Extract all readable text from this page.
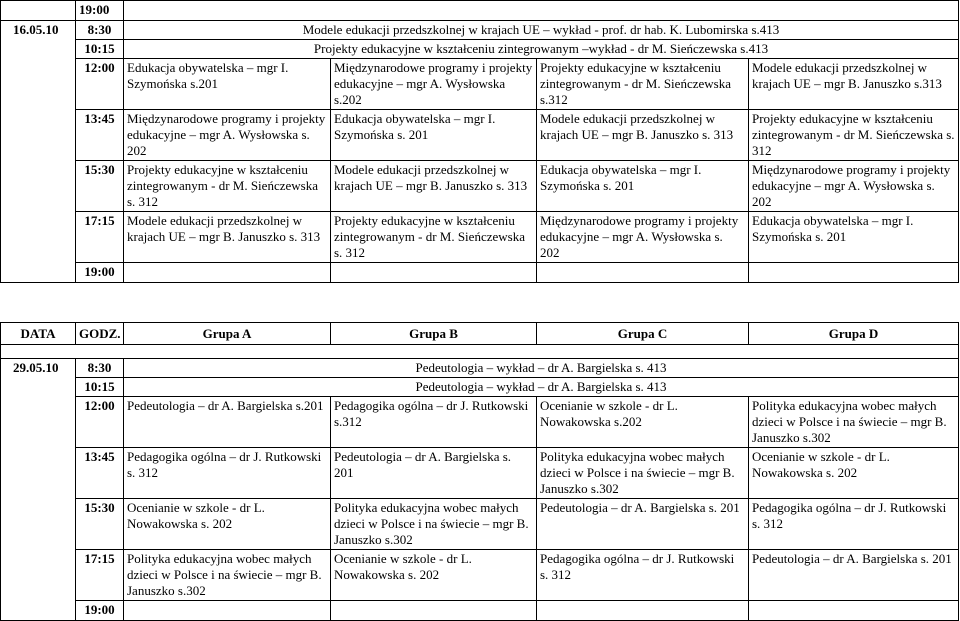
	19:00				
16.05.10	8:30	Modele edukacji przedszkolnej w krajach UE – wykład - prof. dr hab. K. Lubomirska s.413			
	10:15	Projekty edukacyjne w kształceniu zintegrowanym –wykład - dr M. Sieńczewska s.413			
	12:00	Edukacja obywatelska – mgr I. Szymońska s.201	Międzynarodowe programy i projekty edukacyjne – mgr A. Wysłowska s.202	Projekty edukacyjne w kształceniu zintegrowanym - dr M. Sieńczewska s.312	Modele edukacji przedszkolnej w krajach UE – mgr B. Januszko s.313
	13:45	Międzynarodowe programy i projekty edukacyjne – mgr A. Wysłowska s. 202	Edukacja obywatelska – mgr I. Szymońska s. 201	Modele edukacji przedszkolnej w krajach UE – mgr B. Januszko s. 313	Projekty edukacyjne w kształceniu zintegrowanym - dr M. Sieńczewska s. 312
	15:30	Projekty edukacyjne w kształceniu zintegrowanym - dr M. Sieńczewska s. 312	Modele edukacji przedszkolnej w krajach UE – mgr B. Januszko s. 313	Edukacja obywatelska – mgr I. Szymońska s. 201	Międzynarodowe programy i projekty edukacyjne – mgr A. Wysłowska s. 202
	17:15	Modele edukacji przedszkolnej w krajach UE – mgr B. Januszko s. 313	Projekty edukacyjne w kształceniu zintegrowanym - dr M. Sieńczewska s. 312	Międzynarodowe programy i projekty edukacyjne – mgr A. Wysłowska s. 202	Edukacja obywatelska – mgr I. Szymońska s. 201
	19:00				
DATA	GODZ.	Grupa A	Grupa B	Grupa C	Grupa D

29.05.10	8:30	Pedeutologia – wykład – dr A. Bargielska s. 413			
	10:15	Pedeutologia – wykład – dr A. Bargielska s. 413			
	12:00	Pedeutologia – dr A. Bargielska s.201	Pedagogika ogólna – dr J. Rutkowski s.312	Ocenianie w szkole - dr L. Nowakowska s.202	Polityka edukacyjna wobec małych dzieci w Polsce i na świecie – mgr B. Januszko s.302
	13:45	Pedagogika ogólna – dr J. Rutkowski s. 312	Pedeutologia – dr A. Bargielska s. 201	Polityka edukacyjna wobec małych dzieci w Polsce i na świecie – mgr B. Januszko s.302	Ocenianie w szkole - dr L. Nowakowska s. 202
	15:30	Ocenianie w szkole - dr L. Nowakowska s. 202	Polityka edukacyjna wobec małych dzieci w Polsce i na świecie – mgr B. Januszko s.302	Pedeutologia – dr A. Bargielska s. 201	Pedagogika ogólna – dr J. Rutkowski s. 312
	17:15	Polityka edukacyjna wobec małych dzieci w Polsce i na świecie – mgr B. Januszko s.302	Ocenianie w szkole - dr L. Nowakowska s. 202	Pedagogika ogólna – dr J. Rutkowski s. 312	Pedeutologia – dr A. Bargielska s. 201
	19:00				
